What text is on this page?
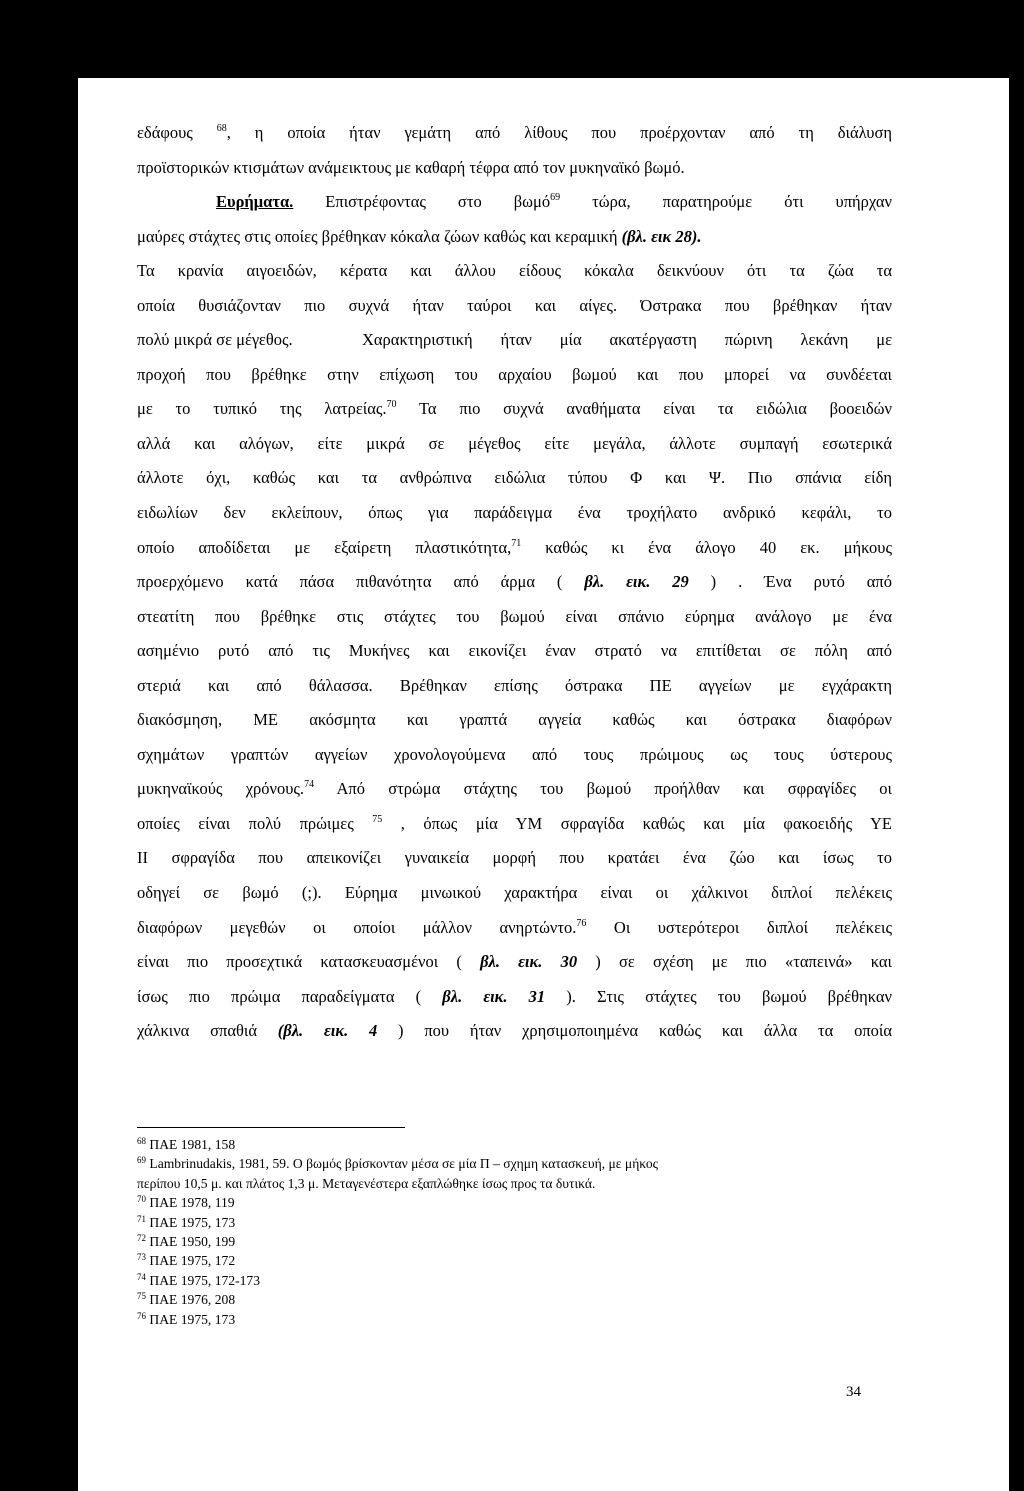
εδάφους $^{68}$, η οποία ήταν γεμάτη από λίθους που προέρχονταν από τη διάλυση
προϊστορικών κτισμάτων ανάμεικτους με καθαρή τέφρα από τον μυκηναϊκό βωμό.
Ευρήματα. Επιστρέφοντας στο βωμό$^{69}$ τώρα, παρατηρούμε ότι υπήρχαν
μαύρες στάχτες στις οποίες βρέθηκαν κόκαλα ζώων καθώς και κεραμική (βλ. εικ 28).
Τα κρανία αιγοειδών, κέρατα και άλλου είδους κόκαλα δεικνύουν ότι τα ζώα τα
οποία θυσιάζονταν πιο συχνά ήταν ταύροι και αίγες. Όστρακα που βρέθηκαν ήταν
πολύ μικρά σε μέγεθος.	Χαρακτηριστική ήταν μία ακατέργαστη πώρινη λεκάνη με
προχοή που βρέθηκε στην επίχωση του αρχαίου βωμού και που μπορεί να συνδέεται
με το τυπικό της λατρείας.$^{70}$ Τα πιο συχνά αναθήματα είναι τα ειδώλια βοοειδών
αλλά και αλόγων, είτε μικρά σε μέγεθος είτε μεγάλα, άλλοτε συμπαγή εσωτερικά
άλλοτε όχι, καθώς και τα ανθρώπινα ειδώλια τύπου Φ και Ψ. Πιο σπάνια είδη
ειδωλίων δεν εκλείπουν, όπως για παράδειγμα ένα τροχήλατο ανδρικό κεφάλι, το
οποίο αποδίδεται με εξαίρετη πλαστικότητα,$^{71}$ καθώς κι ένα άλογο 40 εκ. μήκους
προερχόμενο κατά πάσα πιθανότητα από άρμα ( βλ. εικ. 29 ) . Ένα ρυτό από
στεατίτη που βρέθηκε στις στάχτες του βωμού είναι σπάνιο εύρημα ανάλογο με ένα
ασημένιο ρυτό από τις Μυκήνες και εικονίζει έναν στρατό να επιτίθεται σε πόλη από
στεριά και από θάλασσα. Βρέθηκαν επίσης όστρακα ΠΕ αγγείων με εγχάρακτη
διακόσμηση, ΜΕ ακόσμητα και γραπτά αγγεία καθώς και όστρακα διαφόρων
σχημάτων γραπτών αγγείων χρονολογούμενα από τους πρώιμους ως τους ύστερους
μυκηναϊκούς χρόνους.$^{74}$ Από στρώμα στάχτης του βωμού προήλθαν και σφραγίδες οι
οποίες είναι πολύ πρώιμες $^{75}$ , όπως μία ΥΜ σφραγίδα καθώς και μία φακοειδής ΥΕ
ΙΙ σφραγίδα που απεικονίζει γυναικεία μορφή που κρατάει ένα ζώο και ίσως το
οδηγεί σε βωμό (;). Εύρημα μινωικού χαρακτήρα είναι οι χάλκινοι διπλοί πελέκεις
διαφόρων μεγεθών οι οποίοι μάλλον ανηρτώντο.$^{76}$ Οι υστερότεροι διπλοί πελέκεις
είναι πιο προσεχτικά κατασκευασμένοι ( βλ. εικ. 30 ) σε σχέση με πιο «ταπεινά» και
ίσως πιο πρώιμα παραδείγματα ( βλ. εικ. 31 ). Στις στάχτες του βωμού βρέθηκαν
χάλκινα σπαθιά (βλ. εικ. 4 ) που ήταν χρησιμοποιημένα καθώς και άλλα τα οποία
$^{68}$ ΠΑΕ 1981, 158
$^{69}$ Lambrinudakis, 1981, 59. Ο βωμός βρίσκονταν μέσα σε μία Π – σχημη κατασκευή, με μήκος
περίπου 10,5 μ. και πλάτος 1,3 μ. Μεταγενέστερα εξαπλώθηκε ίσως προς τα δυτικά.
$^{70}$ ΠΑΕ 1978, 119
$^{71}$ ΠΑΕ 1975, 173
$^{72}$ ΠΑΕ 1950, 199
$^{73}$ ΠΑΕ 1975, 172
$^{74}$ ΠΑΕ 1975, 172-173
$^{75}$ ΠΑΕ 1976, 208
$^{76}$ ΠΑΕ 1975, 173
34
